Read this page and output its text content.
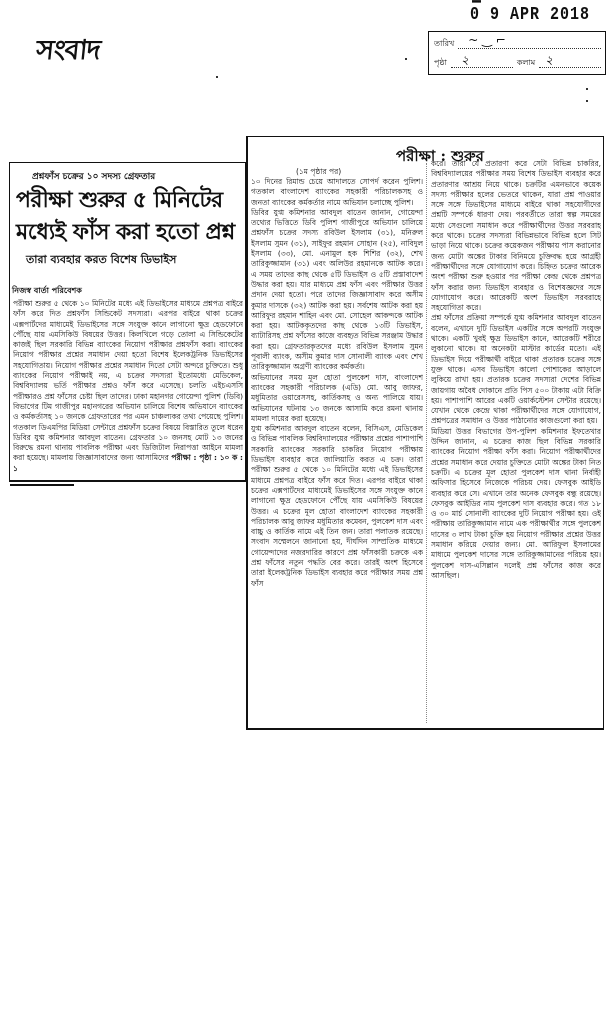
সংবাদ
0 9 APR 2018
তারিখ ~ ‿ ⌐
পৃষ্ঠা ২	কলাম ২
প্রশ্নফাঁস চক্রের ১০ সদস্য গ্রেফতার
পরীক্ষা শুরুর ৫ মিনিটের
মধ্যেই ফাঁস করা হতো প্রশ্ন
তারা ব্যবহার করত বিশেষ ডিভাইস
নিজস্ব বার্তা পরিবেশক
পরীক্ষা শুরুর ৫ থেকে ১০ মিনিটের মধ্যে এই ডিভাইসের মাধ্যমে প্রশ্নপত্র বাইরে ফাঁস করে দিত প্রশ্নফাঁস সিন্ডিকেট সদস্যরা। এরপর বাইরে থাকা চক্রের এক্সপার্টদের মাধ্যমেই ডিভাইসের সঙ্গে সংযুক্ত কানে লাগানো ক্ষুদ্র হেডফোনে পৌঁছে যায় এমসিকিউ বিষয়ের উত্তর। কিলখিলে গড়ে তোলা এ সিন্ডিকেটের কাজই ছিল সরকারি বিভিন্ন ব্যাংকের নিয়োগ পরীক্ষার প্রশ্নফাঁস করা। ব্যাংকের নিয়োগ পরীক্ষার প্রশ্নের সমাধান দেয়া হতো বিশেষ ইলেকট্রনিক ডিভাইসের সহযোগিতায়। নিয়োগ পরীক্ষার প্রশ্নের সমাধান দিতো সেটা অন্দরে চুক্তিতে। শুধু ব্যাংকের নিয়োগ পরীক্ষাই নয়, এ চক্রের সদস্যরা ইতোমধ্যে মেডিকেল, বিশ্ববিদ্যালয় ভর্তি পরীক্ষার প্রশ্নও ফাঁস করে এসেছে। চলতি এইচএসসি পরীক্ষারও প্রশ্ন ফাঁসের চেষ্টা ছিল তাদের। ঢাকা মহানগর গোয়েন্দা পুলিশ (ডিবি) বিভাগের টিম গাজীপুর মহানগরের অভিযান চালিয়ে বিশেষ অভিযানে ব্যাংকের ও কর্মকর্তাসহ ১০ জনকে গ্রেফতারের পর এমন চাঞ্চল্যকর তথ্য পেয়েছে পুলিশ। গতকাল ডিএমপির মিডিয়া সেন্টারে প্রশ্নফাঁস চক্রের বিষয়ে বিস্তারিত তুলে ধরেন ডিবির যুগ্ম কমিশনার আবদুল বাতেন। গ্রেফতার ১০ জনসহ মোট ১৩ জনের বিরুদ্ধে রমনা থানায় পাবলিক পরীক্ষা এবং ডিজিটাল নিরাপত্তা আইনে মামলা করা হয়েছে। মামলায় জিজ্ঞাসাবাদের জন্য আসামিদের পরীক্ষা : পৃষ্ঠা : ১০ ক : ১
পরীক্ষা : শুরুর
(১ম পৃষ্ঠার পর)

১০ দিনের রিমান্ড চেয়ে আদালতে সোপর্দ করেন পুলিশ। গতকাল বাংলাদেশ ব্যাংকের সহকারী পরিচালকসহ ও জনতা ব্যাংকের কর্মকর্তার নামে অভিযান চলাচ্ছে পুলিশ।

ডিবির যুগ্ম কমিশনার আবদুল বাতেন জানান, গোয়েন্দা তথ্যের ভিত্তিতে ডিবি পুলিশ গাজীপুরে অভিযান চালিয়ে প্রশ্নফাঁস চক্রের সদস্য রবিউল ইসলাম (৩১), মনিরুল ইসলাম সুমন (৩১), সাইফুর রহমান সোহান (২৫), নাবিদুল ইসলাম (৩৩), মো. এনামুল হক শিশির (৩২), শেখ তারিকুজ্জামান (৩১) এবং অলিউর রহমানকে আটক করে। এ সময় তাদের কাছ থেকে ৫টি ডিভাইস ও ৫টি প্রস্তাবাদেশ উদ্ধার করা হয়। যার মাধ্যমে প্রশ্ন ফাঁস এবং পরীক্ষার উত্তর প্রদান দেয়া হতো। পরে তাদের জিজ্ঞাসাবাদ করে অসীম কুমার দাসকে (৩২) আটক করা হয়। সর্বশেষ আটক করা হয় আরিফুর রহমান শাহিন এবং মো. সোহেল আকন্দকে আটক করা হয়। আটককৃতদের কাছ থেকে ১৩টি ডিভাইস, ব্যাটারিসহ প্রশ্ন ফাঁসের কাজে ব্যবহৃত বিভিন্ন সরঞ্জাম উদ্ধার করা হয়। গ্রেফতারকৃতদের মধ্যে রবিউল ইসলাম সুমন পূবালী ব্যাংক, অসীম কুমার দাস সোনালী ব্যাংক এবং শেখ তারিকুজ্জামান অগ্রণী ব্যাংকের কর্মকর্তা।

অভিযানের সময় মূল হোতা পুলকেশ দাস, বাংলাদেশ ব্যাংকের সহকারী পরিচালক (এডি) মো. আবু জাফর, মধুমিতার ওয়ারেসসহ, কার্তিকসহ ও অন্য পালিয়ে যায়। অভিযানের ঘটনায় ১৩ জনকে আসামি করে রমনা থানায় মামলা দায়ের করা হয়েছে।

যুগ্ম কমিশনার আবদুল বাতেন বলেন, বিসিএস, মেডিকেল ও বিভিন্ন পাবলিক বিশ্ববিদ্যালয়ের পরীক্ষার প্রশ্নের পাশাপাশি সরকারি ব্যাংকের সরকারি চাকরির নিয়োগ পরীক্ষায় ডিভাইস ব্যবহার করে জালিয়াতি করত এ চক্র। তারা পরীক্ষা শুরুর ৫ থেকে ১০ মিনিটের মধ্যে এই ডিভাইসের মাধ্যমে প্রশ্নপত্র বাইরে ফাঁস করে দিত। এরপর বাইরে থাকা চক্রের এক্সপার্টদের মাধ্যমেই ডিভাইসের সঙ্গে সংযুক্ত কানে লাগানো ক্ষুদ্র হেডফোনে পৌঁছে যায় এমসিকিউ বিষয়ের উত্তর। এ চক্রের মূল হোতা বাংলাদেশ ব্যাংকের সহকারী পরিচালক আবু জাফর মধুমিতার কমেবন, পুলকেশ দাস এবং বাচ্চু ও কার্তিক নামে এই তিন জন। তারা পলাতক রয়েছে। সংবাদ সম্মেলনে জানানো হয়, দীর্ঘদিন সাম্প্রতিক মাধ্যমে গোয়েন্দাদের নজরদারির কারণে প্রশ্ন ফাঁসকারী চক্রকে এক প্রশ্ন ফাঁসের নতুন পদ্ধতি বের করে। তারই অংশ হিসেবে তারা ইলেকট্রনিক ডিভাইস ব্যবহার করে পরীক্ষার সময় প্রশ্ন ফাঁস

করে। তারা যে প্রতারণা করে সেটা বিভিন্ন চাকরির, বিশ্ববিদ্যালয়ের পরীক্ষার সময় বিশেষ ডিভাইস ব্যবহার করে প্রতারণার আশ্রয় নিয়ে থাকে। চক্রটির এমনভাবে কয়েক সদস্য পরীক্ষার হলের ভেতরে থাকেন, যারা প্রশ্ন পাওয়ার সঙ্গে সঙ্গে ডিভাইসের মাধ্যমে বাইরে থাকা সহযোগীদের প্রশ্নটি সম্পর্কে ধারণা দেয়। পরবর্তীতে তারা স্বল্প সময়ের মধ্যে সেগুলো সমাধান করে পরীক্ষার্থীদের উত্তর সরবরাহ করে থাকে। চক্রের সদস্যরা বিভিন্নভাবে বিভিন্ন হলে সিট ভাড়া নিয়ে থাকে। চক্রের কয়েকজন পরীক্ষায় পাস করানোর জন্য মোটা অঙ্কের টাকার বিনিময়ে চুক্তিবদ্ধ হয়ে আগ্রহী পরীক্ষার্থীদের সঙ্গে যোগাযোগ করে। চিহ্নিত চক্রের আরেক অংশ পরীক্ষা শুরু হওয়ার পর পরীক্ষা কেন্দ্র থেকে প্রশ্নপত্র ফাঁস করার জন্য ডিভাইস ব্যবহার ও বিশেষজ্ঞদের সঙ্গে যোগাযোগ করে। আরেকটি অংশ ডিভাইস সরবরাহে সহযোগিতা করে।

প্রশ্ন ফাঁসের প্রক্রিয়া সম্পর্কে যুগ্ম কমিশনার আবদুল বাতেন বলেন, এখানে দুটি ডিভাইস একটির সঙ্গে অপরটি সংযুক্ত থাকে। একটি খুবই ক্ষুদ্র ডিভাইস কানে, আরেকটি শরীরে লুকানো থাকে। যা অনেকটা মাস্টার কার্ডের মতো। এই ডিভাইস দিয়ে পরীক্ষার্থী বাইরে থাকা প্রতারক চক্রের সঙ্গে যুক্ত থাকে। এসব ডিভাইস কালো পোশাকের আড়ালে লুকিয়ে রাখা হয়। প্রতারক চক্রের সদস্যরা দেশের বিভিন্ন জায়গায় অবৈধ দোকানে প্রতি পিস ৫০০ টাকায় এটা বিক্রি হয়। পাশাপাশি আরের একটি ওয়ার্কস্টেশন সেন্টার রয়েছে। যেখান থেকে কেন্দ্রে থাকা পরীক্ষার্থীদের সঙ্গে যোগাযোগ, প্রশ্নপত্রের সমাধান ও উত্তর পাঠানোর কাজগুলো করা হয়।

মিডিয়া উত্তর বিভাগের উপ-পুলিশ কমিশনার ইফতেখার উদ্দিন জানান, এ চক্রের কাজ ছিল বিভিন্ন সরকারি ব্যাংকের নিয়োগ পরীক্ষা ফাঁস করা। নিয়োগ পরীক্ষার্থীদের প্রশ্নের সমাধান করে দেয়ার চুক্তিতে মোটা অঙ্কের টাকা নিত চক্রটি। এ চক্রের মূল হোতা পুলকেশ দাস থানা নির্বাহী অফিসার হিসেবে নিজেকে পরিচয় দেয়। ফেসবুক আইডি ব্যবহার করে সে। এখানে তার অনেক ফেসবুক বন্ধু রয়েছে। ফেসবুক আইডির নাম পুলকেশ দাস ব্যবহার করে। গত ১৮ ও ৩০ মার্চ সোনালী ব্যাংকের দুটি নিয়োগ পরীক্ষা হয়। ওই পরীক্ষায় তারিকুজ্জামান নামে এক পরীক্ষার্থীর সঙ্গে পুলকেশ দাসের ৩ লাখ টাকা চুক্তি হয় নিয়োগ পরীক্ষার প্রশ্নের উত্তর সমাধান করিয়ে দেয়ার জন্য। মো. আরিফুল ইসলামের মাধ্যমে পুলকেশ দাসের সঙ্গে তারিকুজ্জামানের পরিচয় হয়। পুলকেশ দাস-এসিল্লান দলেই প্রশ্ন ফাঁসের কাজ করে আসছিল।
